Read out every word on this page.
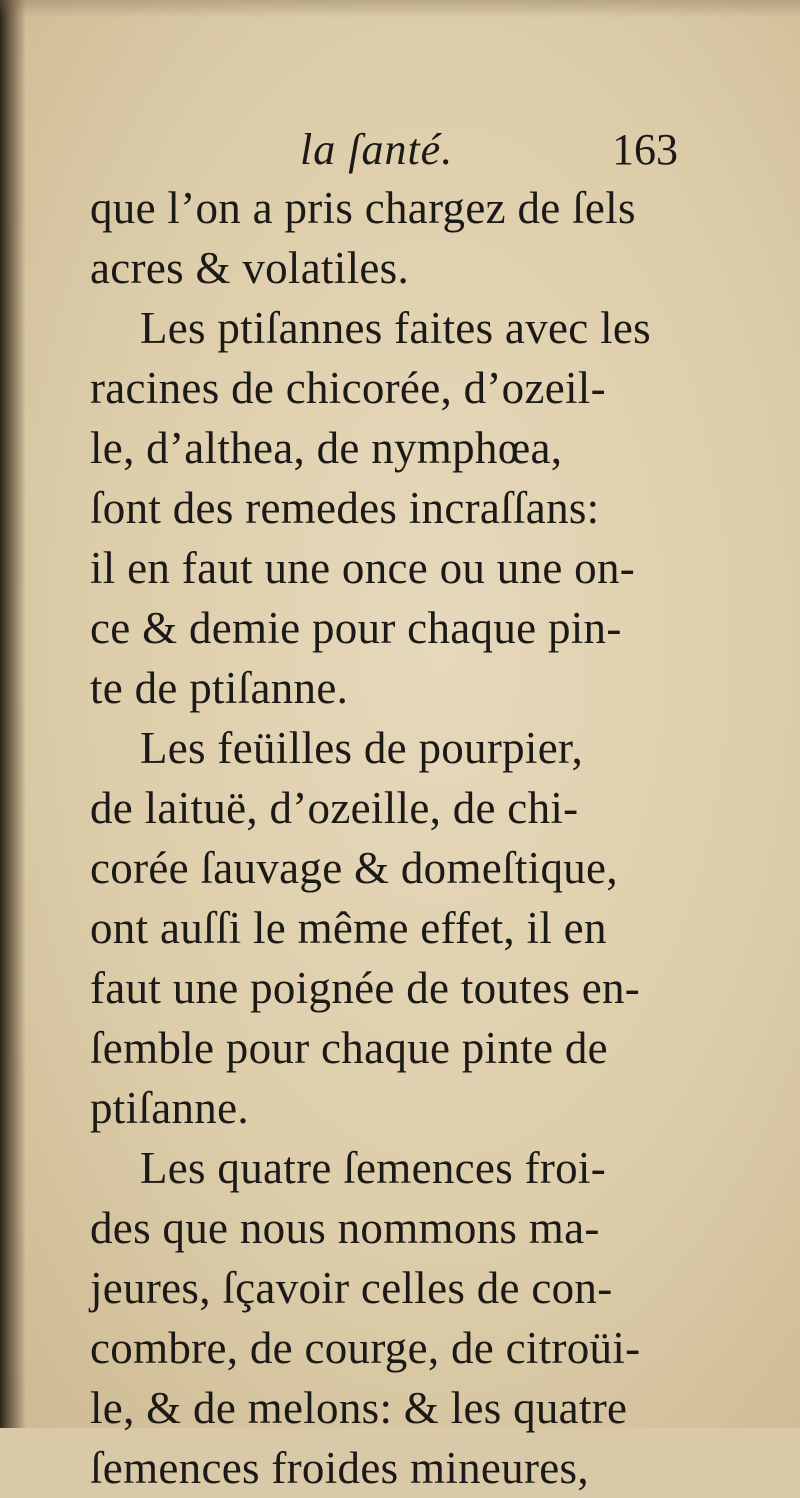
la ſanté.	163
que l’on a pris chargez de ſels
acres & volatiles.
Les ptiſannes faites avec les
racines de chicorée, d’ozeil-
le, d’althea, de nymphœa,
ſont des remedes incraſſans:
il en faut une once ou une on-
ce & demie pour chaque pin-
te de ptiſanne.
Les feüilles de pourpier,
de laituë, d’ozeille, de chi-
corée ſauvage & domeſtique,
ont auſſi le même effet, il en
faut une poignée de toutes en-
ſemble pour chaque pinte de
ptiſanne.
Les quatre ſemences froi-
des que nous nommons ma-
jeures, ſçavoir celles de con-
combre, de courge, de citroüi-
le, & de melons: & les quatre
ſemences froides mineures,
